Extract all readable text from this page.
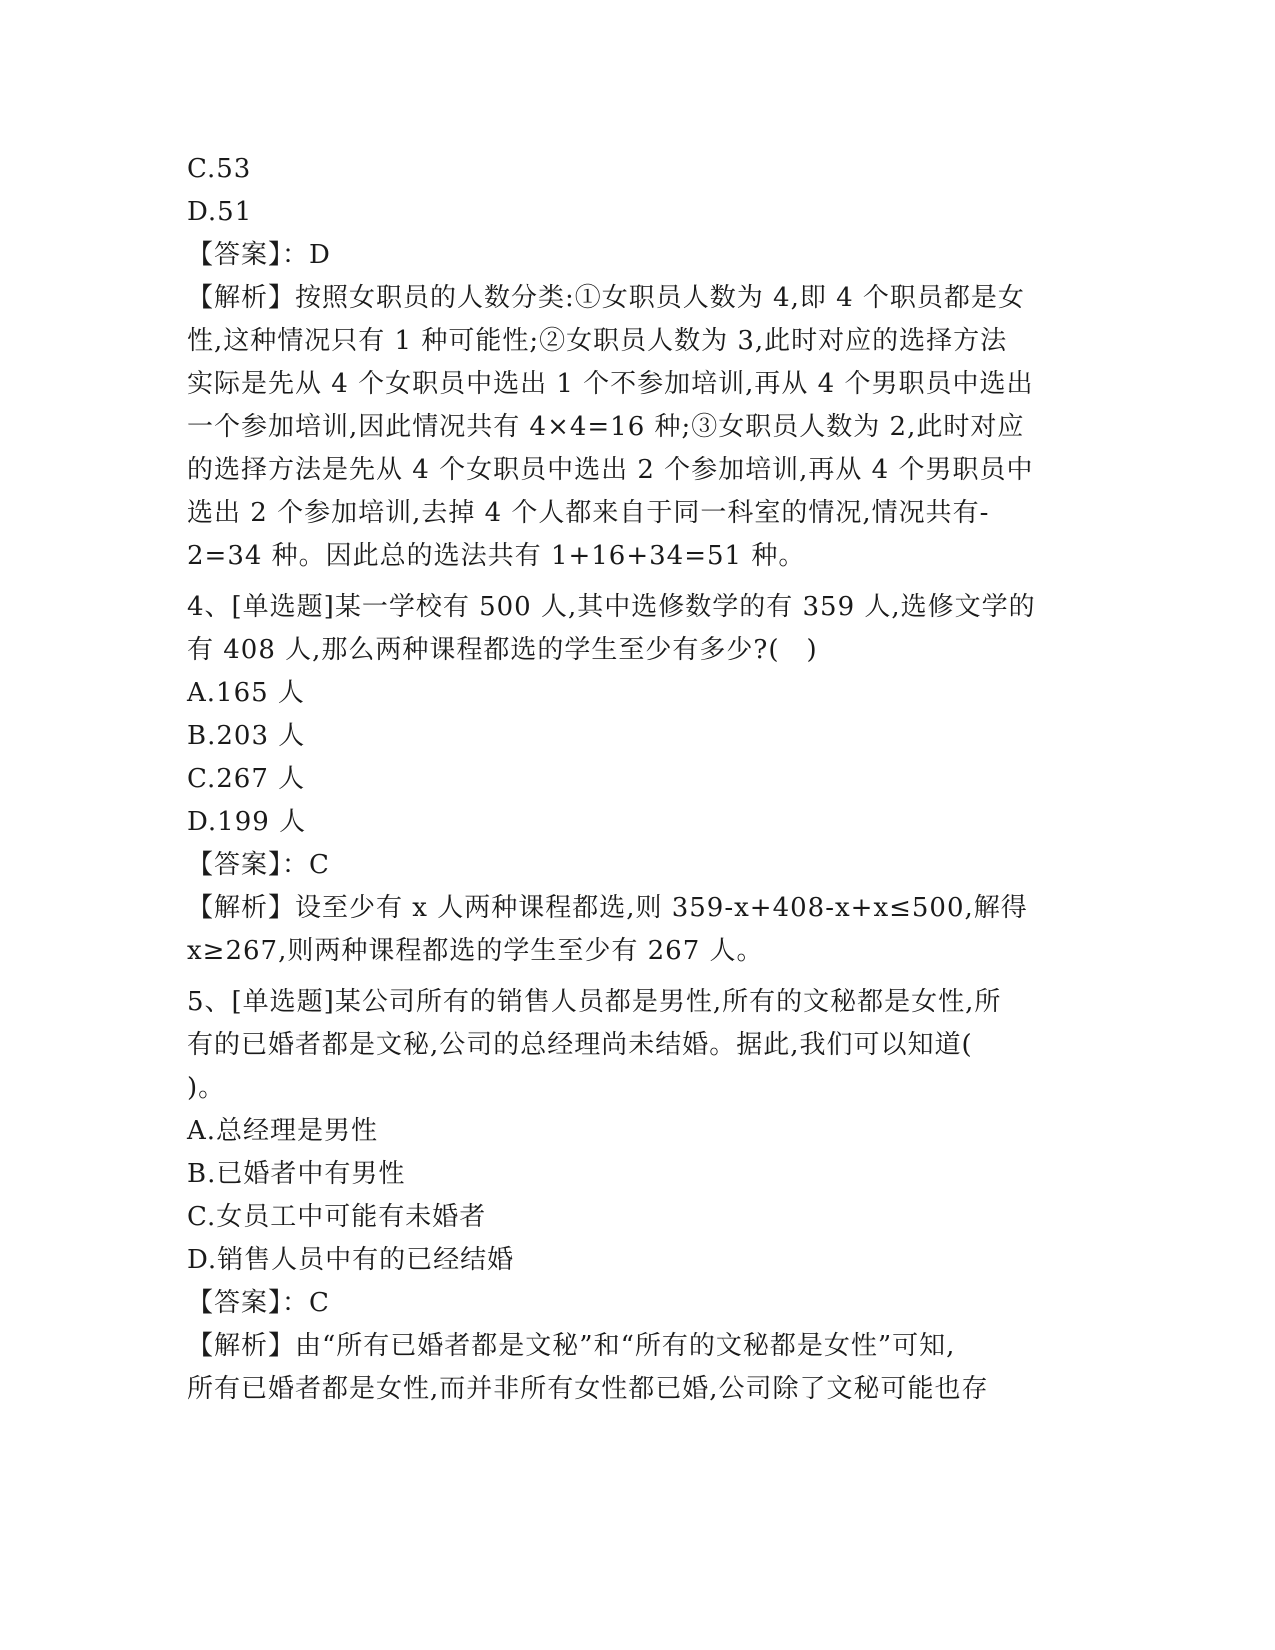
C.53
D.51
【答案】：D
【解析】按照女职员的人数分类:①女职员人数为 4,即 4 个职员都是女
性,这种情况只有 1 种可能性;②女职员人数为 3,此时对应的选择方法
实际是先从 4 个女职员中选出 1 个不参加培训,再从 4 个男职员中选出
一个参加培训,因此情况共有 4×4=16 种;③女职员人数为 2,此时对应
的选择方法是先从 4 个女职员中选出 2 个参加培训,再从 4 个男职员中
选出 2 个参加培训,去掉 4 个人都来自于同一科室的情况,情况共有-
2=34 种。因此总的选法共有 1+16+34=51 种。
4、[单选题]某一学校有 500 人,其中选修数学的有 359 人,选修文学的
有 408 人,那么两种课程都选的学生至少有多少?(　)
A.165 人
B.203 人
C.267 人
D.199 人
【答案】：C
【解析】设至少有 x 人两种课程都选,则 359-x+408-x+x≤500,解得
x≥267,则两种课程都选的学生至少有 267 人。
5、[单选题]某公司所有的销售人员都是男性,所有的文秘都是女性,所
有的已婚者都是文秘,公司的总经理尚未结婚。据此,我们可以知道(
)。
A.总经理是男性
B.已婚者中有男性
C.女员工中可能有未婚者
D.销售人员中有的已经结婚
【答案】：C
【解析】由“所有已婚者都是文秘”和“所有的文秘都是女性”可知,
所有已婚者都是女性,而并非所有女性都已婚,公司除了文秘可能也存
